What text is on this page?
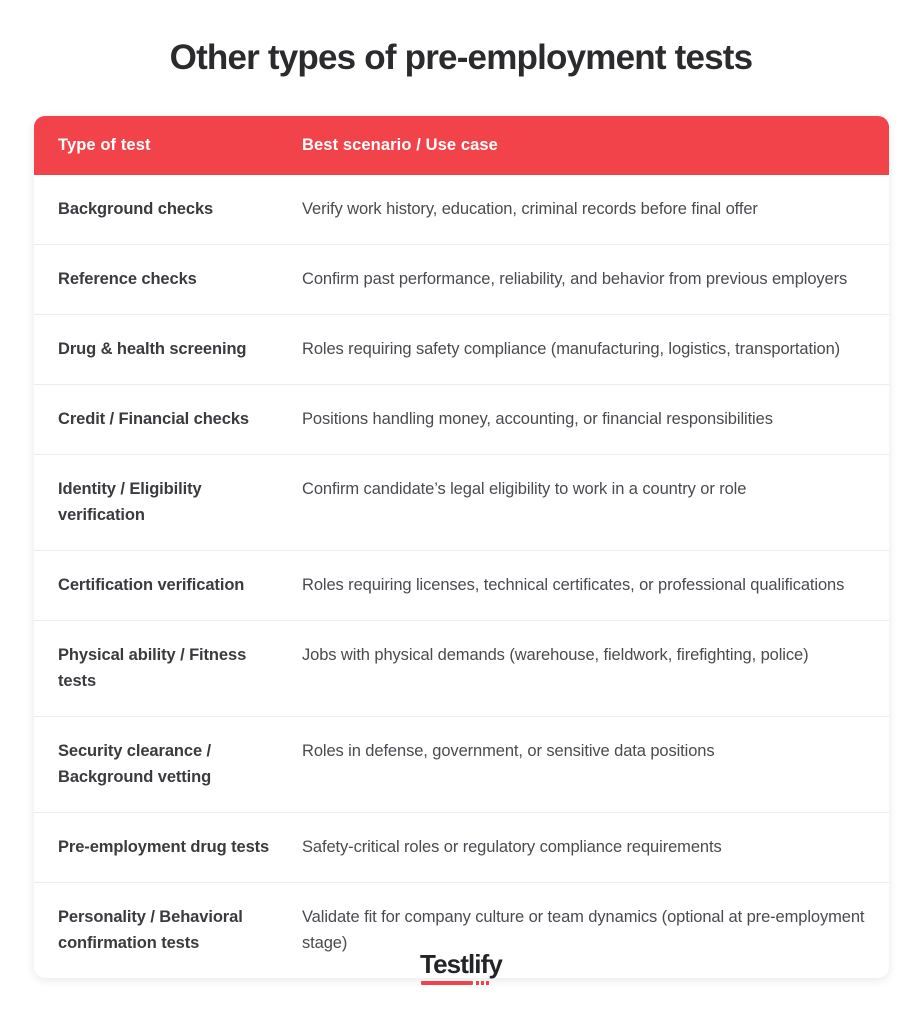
Other types of pre-employment tests
Type of test	Best scenario / Use case
Background checks	Verify work history, education, criminal records before final offer
Reference checks	Confirm past performance, reliability, and behavior from previous employers
Drug & health screening	Roles requiring safety compliance (manufacturing, logistics, transportation)
Credit / Financial checks	Positions handling money, accounting, or financial responsibilities
Identity / Eligibility verification	Confirm candidate’s legal eligibility to work in a country or role
Certification verification	Roles requiring licenses, technical certificates, or professional qualifications
Physical ability / Fitness tests	Jobs with physical demands (warehouse, fieldwork, firefighting, police)
Security clearance / Background vetting	Roles in defense, government, or sensitive data positions
Pre-employment drug tests	Safety-critical roles or regulatory compliance requirements
Personality / Behavioral confirmation tests	Validate fit for company culture or team dynamics (optional at pre-employment stage)
Testlify
